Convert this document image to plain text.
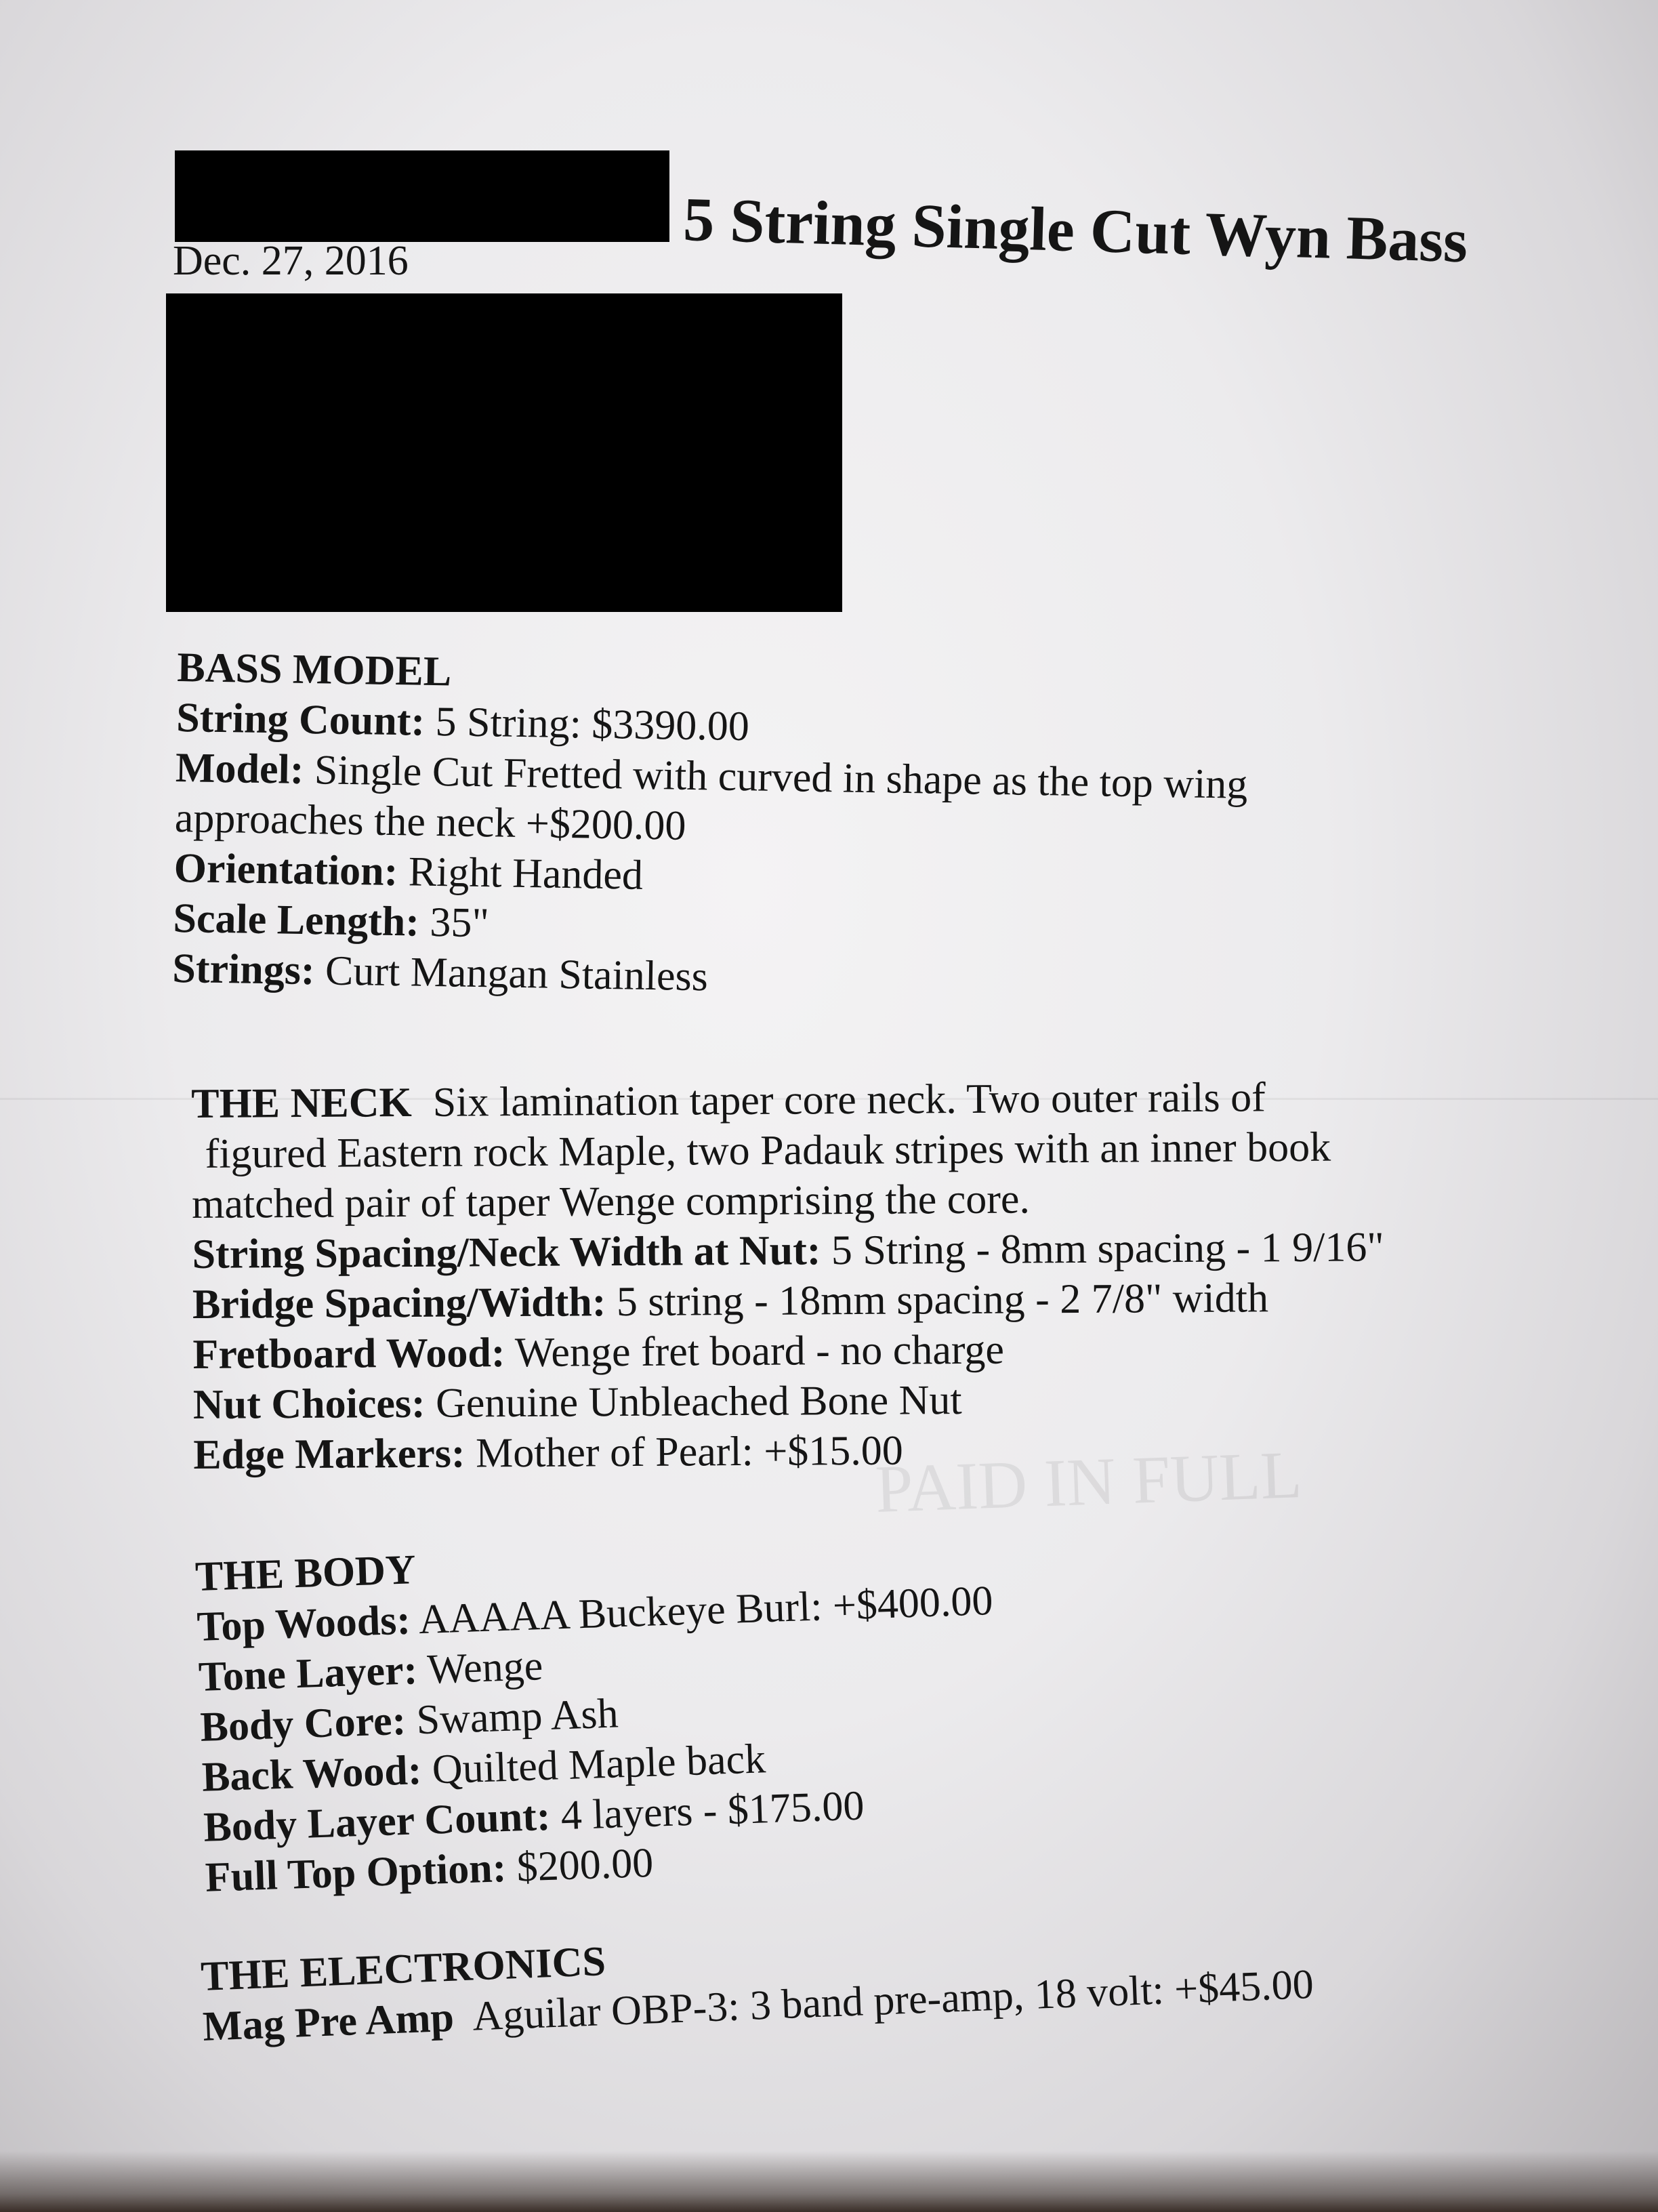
PAID IN FULL
5 String Single Cut Wyn Bass
Dec. 27, 2016
BASS MODEL
String Count: 5 String: $3390.00
Model: Single Cut Fretted with curved in shape as the top wing
approaches the neck +$200.00
Orientation: Right Handed
Scale Length: 35"
Strings: Curt Mangan Stainless
THE NECK Six lamination taper core neck. Two outer rails of
figured Eastern rock Maple, two Padauk stripes with an inner book
matched pair of taper Wenge comprising the core.
String Spacing/Neck Width at Nut: 5 String - 8mm spacing - 1 9/16"
Bridge Spacing/Width: 5 string - 18mm spacing - 2 7/8" width
Fretboard Wood: Wenge fret board - no charge
Nut Choices: Genuine Unbleached Bone Nut
Edge Markers: Mother of Pearl: +$15.00
THE BODY
Top Woods: AAAAA Buckeye Burl: +$400.00
Tone Layer: Wenge
Body Core: Swamp Ash
Back Wood: Quilted Maple back
Body Layer Count: 4 layers - $175.00
Full Top Option: $200.00
THE ELECTRONICS
Mag Pre Amp Aguilar OBP-3: 3 band pre-amp, 18 volt: +$45.00
